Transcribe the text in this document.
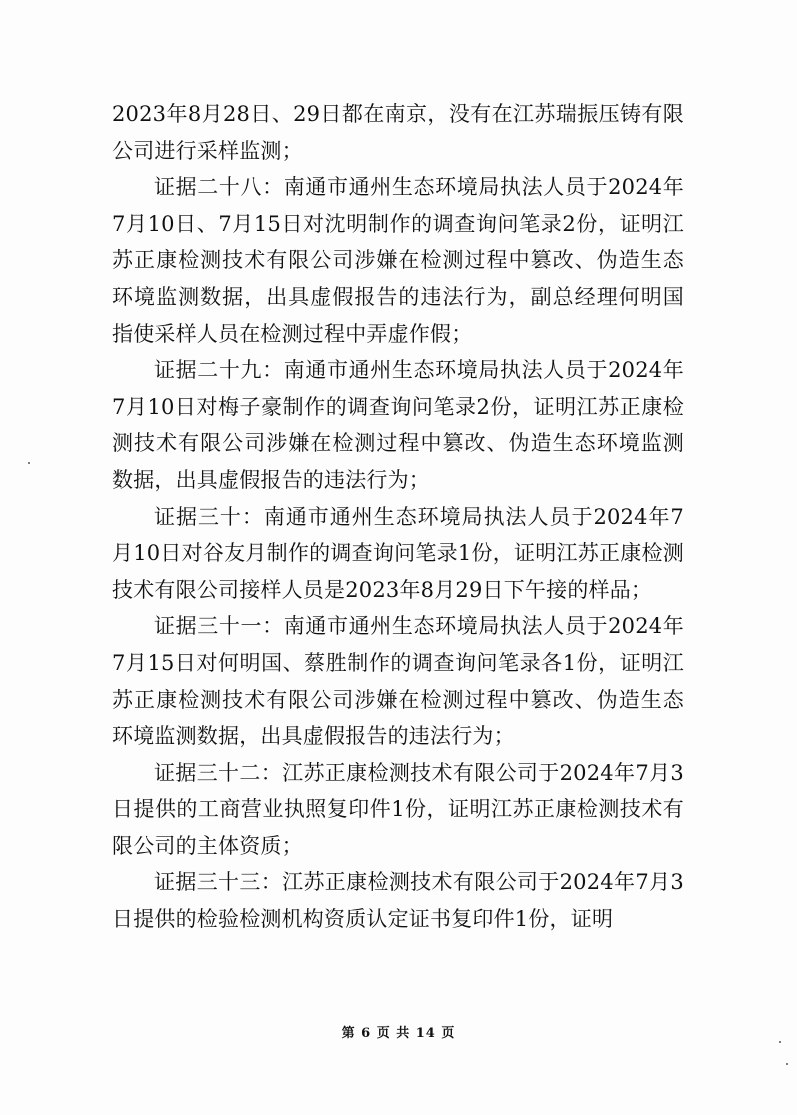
2023年8月28日、29日都在南京，没有在江苏瑞振压铸有限公司进行采样监测；

证据二十八：南通市通州生态环境局执法人员于2024年7月10日、7月15日对沈明制作的调查询问笔录2份，证明江苏正康检测技术有限公司涉嫌在检测过程中篡改、伪造生态环境监测数据，出具虚假报告的违法行为，副总经理何明国指使采样人员在检测过程中弄虚作假；

证据二十九：南通市通州生态环境局执法人员于2024年7月10日对梅子豪制作的调查询问笔录2份，证明江苏正康检测技术有限公司涉嫌在检测过程中篡改、伪造生态环境监测数据，出具虚假报告的违法行为；

证据三十：南通市通州生态环境局执法人员于2024年7月10日对谷友月制作的调查询问笔录1份，证明江苏正康检测技术有限公司接样人员是2023年8月29日下午接的样品；

证据三十一：南通市通州生态环境局执法人员于2024年7月15日对何明国、蔡胜制作的调查询问笔录各1份，证明江苏正康检测技术有限公司涉嫌在检测过程中篡改、伪造生态环境监测数据，出具虚假报告的违法行为；

证据三十二：江苏正康检测技术有限公司于2024年7月3日提供的工商营业执照复印件1份，证明江苏正康检测技术有限公司的主体资质；

证据三十三：江苏正康检测技术有限公司于2024年7月3日提供的检验检测机构资质认定证书复印件1份，证明

第 6 页 共 14 页
